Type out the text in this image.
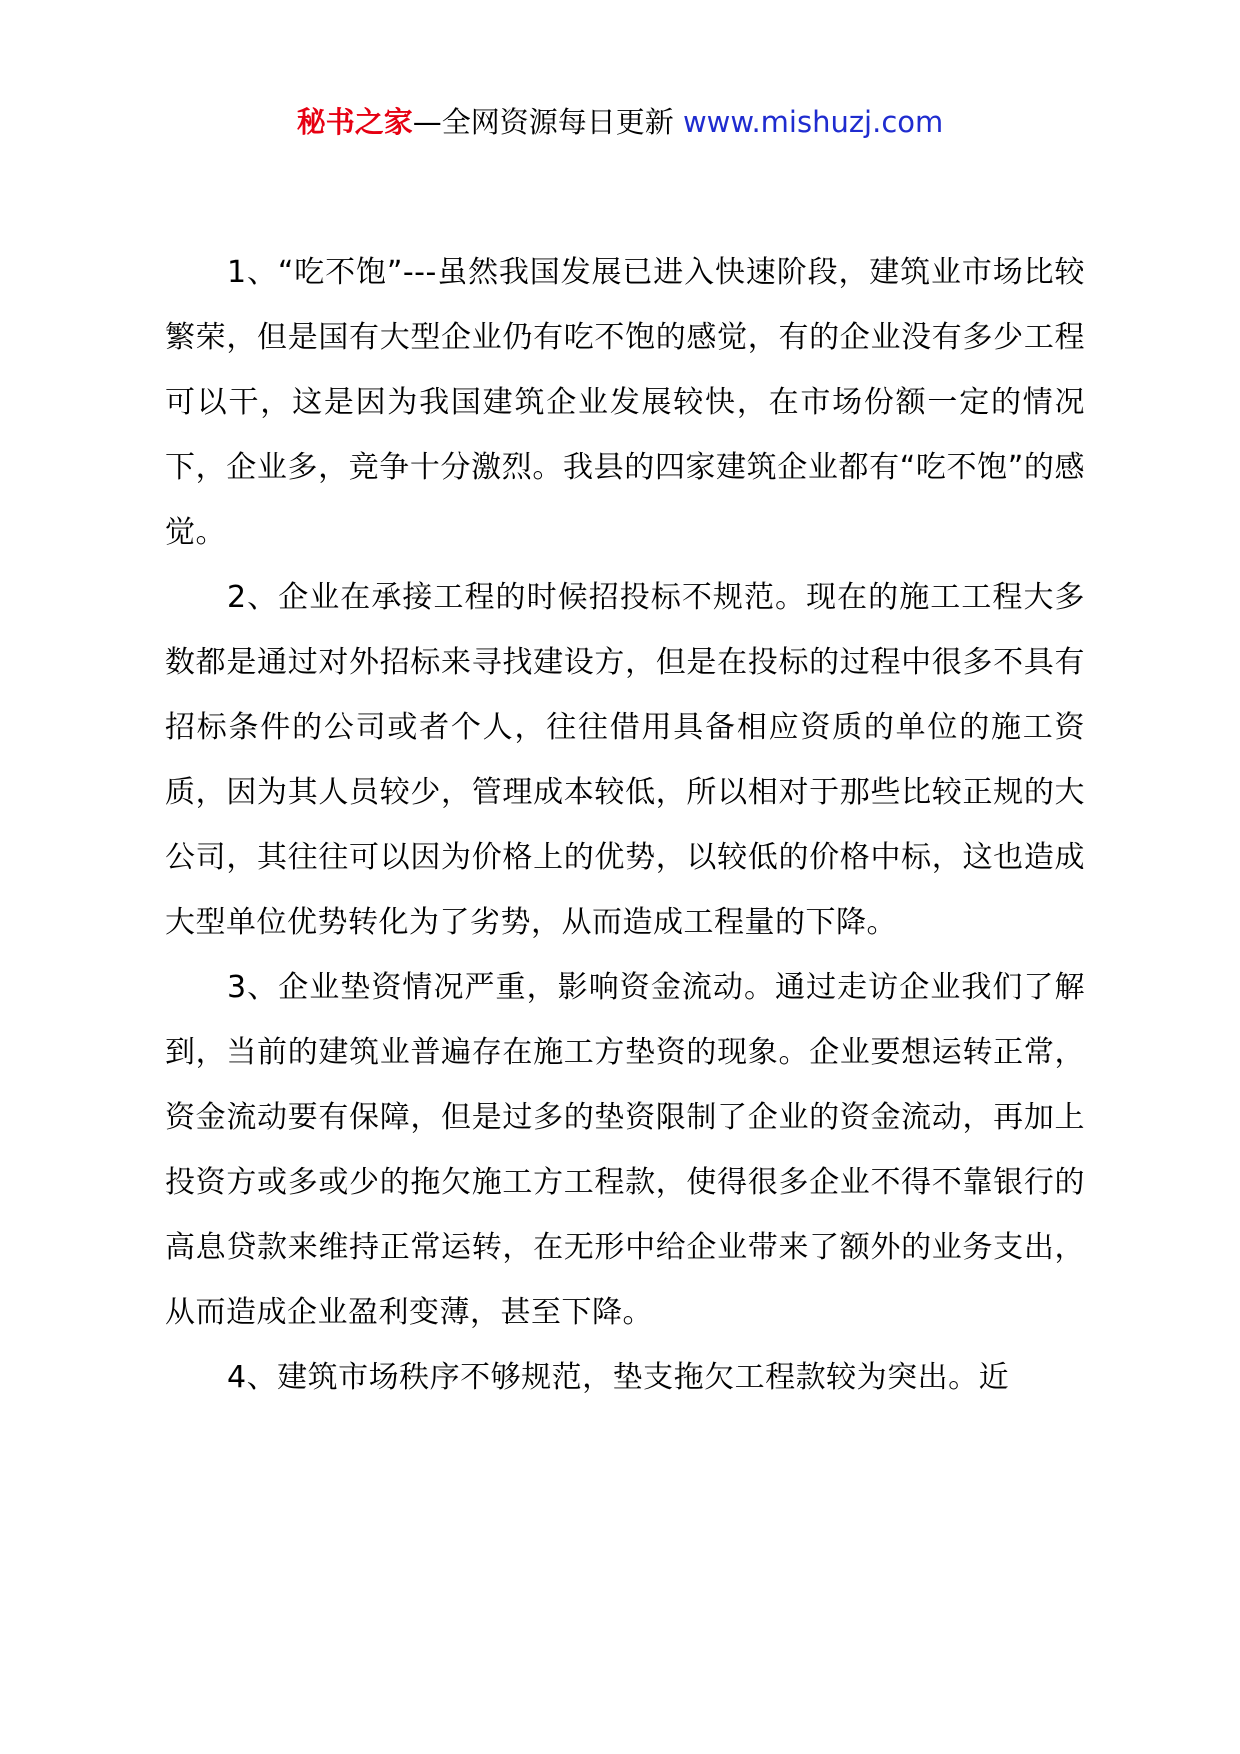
秘书之家—全网资源每日更新 www.mishuzj.com

1、“吃不饱”---虽然我国发展已进入快速阶段，建筑业市场比较繁荣，但是国有大型企业仍有吃不饱的感觉，有的企业没有多少工程可以干，这是因为我国建筑企业发展较快，在市场份额一定的情况下，企业多，竞争十分激烈。我县的四家建筑企业都有“吃不饱”的感觉。

2、企业在承接工程的时候招投标不规范。现在的施工工程大多数都是通过对外招标来寻找建设方，但是在投标的过程中很多不具有招标条件的公司或者个人，往往借用具备相应资质的单位的施工资质，因为其人员较少，管理成本较低，所以相对于那些比较正规的大公司，其往往可以因为价格上的优势，以较低的价格中标，这也造成大型单位优势转化为了劣势，从而造成工程量的下降。

3、企业垫资情况严重，影响资金流动。通过走访企业我们了解到，当前的建筑业普遍存在施工方垫资的现象。企业要想运转正常，资金流动要有保障，但是过多的垫资限制了企业的资金流动，再加上投资方或多或少的拖欠施工方工程款，使得很多企业不得不靠银行的高息贷款来维持正常运转，在无形中给企业带来了额外的业务支出，从而造成企业盈利变薄，甚至下降。

4、建筑市场秩序不够规范，垫支拖欠工程款较为突出。近
